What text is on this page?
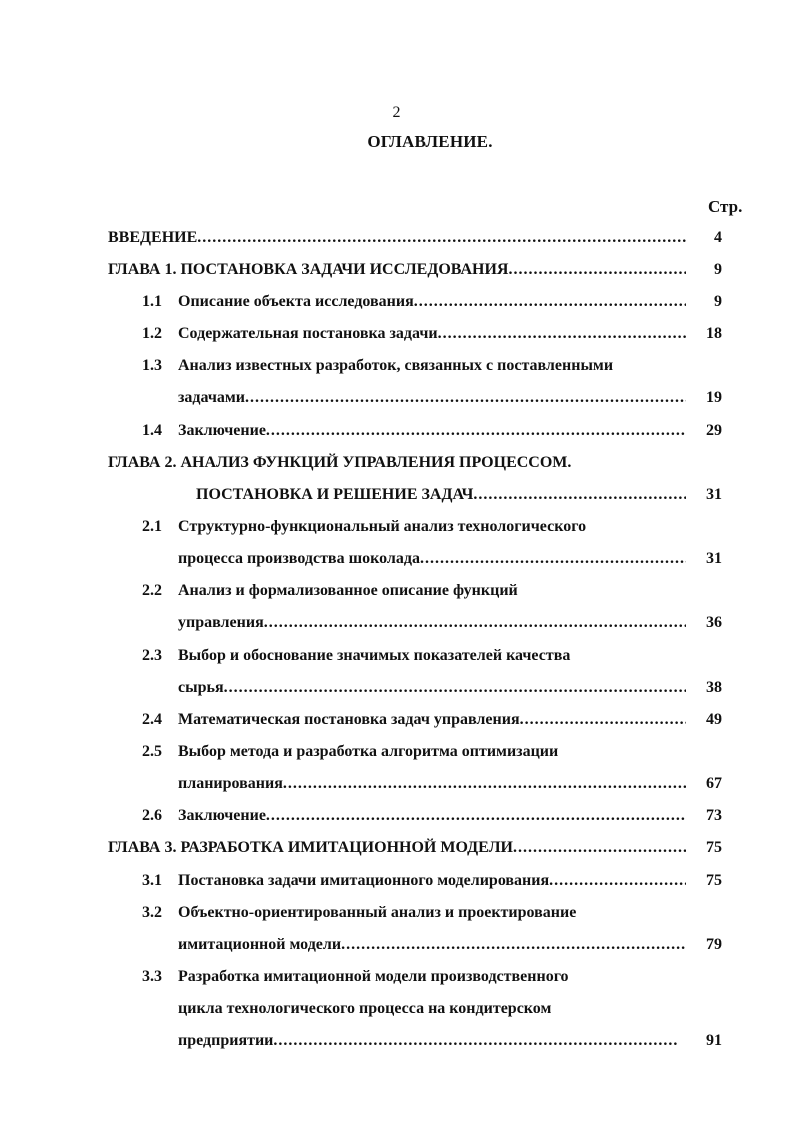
2
ОГЛАВЛЕНИЕ.
Стр.
ВВЕДЕНИЕ .....	4
ГЛАВА 1. ПОСТАНОВКА ЗАДАЧИ ИССЛЕДОВАНИЯ .....	9
1.1	Описание объекта исследования .....	9
1.2	Содержательная постановка задачи .....	18
1.3 Анализ известных разработок, связанных с поставленными
задачами .....	19
1.4	Заключение .....	29
ГЛАВА 2. АНАЛИЗ ФУНКЦИЙ УПРАВЛЕНИЯ ПРОЦЕССОМ.
ПОСТАНОВКА И РЕШЕНИЕ ЗАДАЧ .....	31
2.1 Структурно-функциональный анализ технологического
процесса производства шоколада .....	31
2.2 Анализ и формализованное описание функций
управления .....	36
2.3 Выбор и обоснование значимых показателей качества
сырья .....	38
2.4	Математическая постановка задач управления .....	49
2.5 Выбор метода и разработка алгоритма оптимизации
планирования .....	67
2.6	Заключение .....	73
ГЛАВА 3. РАЗРАБОТКА ИМИТАЦИОННОЙ МОДЕЛИ .....	75
3.1	Постановка задачи имитационного моделирования .....	75
3.2 Объектно-ориентированный анализ и проектирование
имитационной модели .....	79
3.3 Разработка имитационной модели производственного
цикла технологического процесса на кондитерском
предприятии .....	91
